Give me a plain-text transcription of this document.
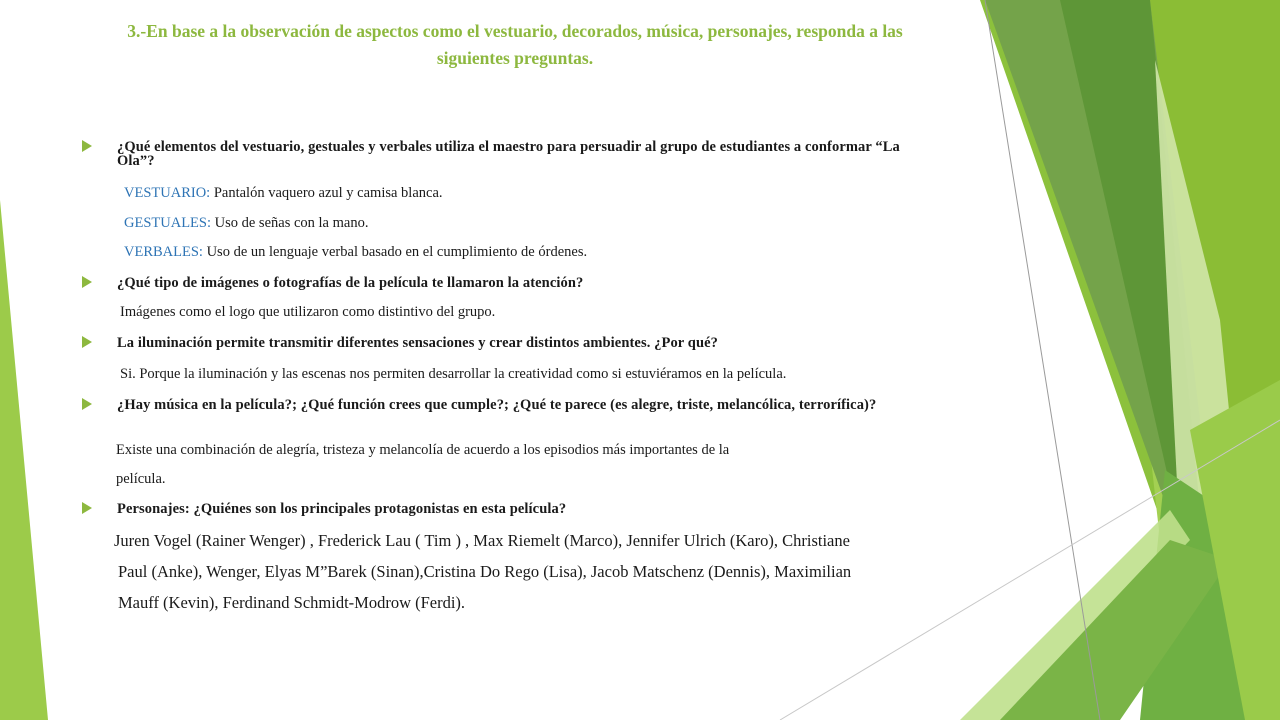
3.-En base a la observación de aspectos como el vestuario, decorados, música, personajes, responda a las siguientes preguntas.
¿Qué elementos del vestuario, gestuales y verbales utiliza el maestro para persuadir al grupo de estudiantes a conformar “La Ola”?
VESTUARIO: Pantalón vaquero azul y camisa blanca.
GESTUALES: Uso de señas con la mano.
VERBALES: Uso de un lenguaje verbal basado en el cumplimiento de órdenes.
¿Qué tipo de imágenes o fotografías de la película te llamaron la atención?
Imágenes como el logo que utilizaron como distintivo del grupo.
La iluminación permite transmitir diferentes sensaciones y crear distintos ambientes. ¿Por qué?
Si. Porque la iluminación y las escenas nos permiten desarrollar la creatividad como si estuviéramos en la película.
¿Hay música en la película?; ¿Qué función crees que cumple?; ¿Qué te parece (es alegre, triste, melancólica, terrorífica)?
Existe una combinación de alegría, tristeza y melancolía de acuerdo a los episodios más importantes de la
película.
Personajes: ¿Quiénes son los principales protagonistas en esta película?
Juren Vogel (Rainer Wenger) , Frederick Lau ( Tim ) , Max Riemelt (Marco), Jennifer Ulrich (Karo), Christiane
Paul (Anke), Wenger, Elyas M”Barek (Sinan),Cristina Do Rego (Lisa), Jacob Matschenz (Dennis), Maximilian
Mauff (Kevin), Ferdinand Schmidt-Modrow (Ferdi).
